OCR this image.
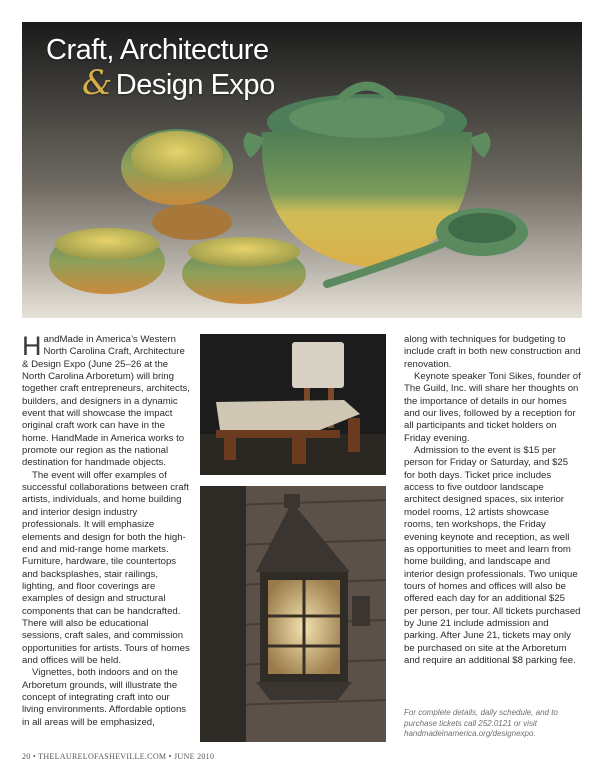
Craft, Architecture
& Design Expo

HandMade in America’s Western North Carolina Craft, Architecture & Design Expo (June 25–26 at the North Carolina Arboretum) will bring together craft entrepreneurs, architects, builders, and designers in a dynamic event that will showcase the impact original craft work can have in the home. HandMade in America works to promote our region as the national destination for handmade objects.

The event will offer examples of successful collaborations between craft artists, individuals, and home building and interior design industry professionals. It will emphasize elements and design for both the high-end and mid-range home markets. Furniture, hardware, tile countertops and backsplashes, stair railings, lighting, and floor coverings are examples of design and structural components that can be handcrafted. There will also be educational sessions, craft sales, and commission opportunities for artists. Tours of homes and offices will be held.

Vignettes, both indoors and on the Arboretum grounds, will illustrate the concept of integrating craft into our living environments. Affordable options in all areas will be emphasized,

along with techniques for budgeting to include craft in both new construction and renovation.

Keynote speaker Toni Sikes, founder of The Guild, Inc. will share her thoughts on the importance of details in our homes and our lives, followed by a reception for all participants and ticket holders on Friday evening.

Admission to the event is $15 per person for Friday or Saturday, and $25 for both days. Ticket price includes access to five outdoor landscape architect designed spaces, six interior model rooms, 12 artists showcase rooms, ten workshops, the Friday evening keynote and reception, as well as opportunities to meet and learn from home building, and landscape and interior design professionals. Two unique tours of homes and offices will also be offered each day for an additional $25 per person, per tour. All tickets purchased by June 21 include admission and parking. After June 21, tickets may only be purchased on site at the Arboretum and require an additional $8 parking fee.

For complete details, daily schedule, and to purchase tickets call 252.0121 or visit handmadeinamerica.org/designexpo.
20 • THELAURELOFASHEVILLE.COM • JUNE 2010
